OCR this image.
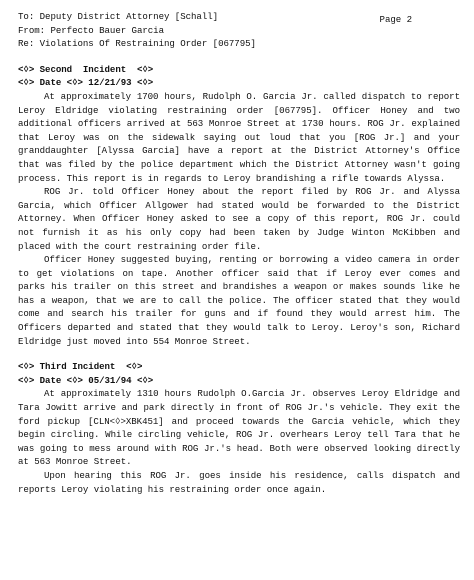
Page 2
To: Deputy District Attorney [Schall]
From: Perfecto Bauer Garcia
Re: Violations Of Restraining Order [067795]
<◊> Second  Incident  <◊>
<◊> Date <◊> 12/21/93 <◊>
At approximately 1700 hours, Rudolph O. Garcia Jr. called dispatch to report Leroy Eldridge violating restraining order [067795]. Officer Honey and two additional officers arrived at 563 Monroe Street at 1730 hours. ROG Jr. explained that Leroy was on the sidewalk saying out loud that you [ROG Jr.] and your granddaughter [Alyssa Garcia] have a report at the District Attorney's Office that was filed by the police department which the District Attorney wasn't going process. This report is in regards to Leroy brandishing a rifle towards Alyssa.
ROG Jr. told Officer Honey about the report filed by ROG Jr. and Alyssa Garcia, which Officer Allgower had stated would be forwarded to the District Attorney. When Officer Honey asked to see a copy of this report, ROG Jr. could not furnish it as his only copy had been taken by Judge Winton McKibben and placed with the court restraining order file.
Officer Honey suggested buying, renting or borrowing a video camera in order to get violations on tape. Another officer said that if Leroy ever comes and parks his trailer on this street and brandishes a weapon or makes sounds like he has a weapon, that we are to call the police. The officer stated that they would come and search his trailer for guns and if found they would arrest him. The Officers departed and stated that they would talk to Leroy. Leroy's son, Richard Eldridge just moved into 554 Monroe Street.
<◊> Third Incident  <◊>
<◊> Date <◊> 05/31/94 <◊>
At approximately 1310 hours Rudolph O.Garcia Jr. observes Leroy Eldridge and Tara Jowitt arrive and park directly in front of ROG Jr.'s vehicle. They exit the ford pickup [CLN<◊>XBK451] and proceed towards the Garcia vehicle, which they begin circling. While circling vehicle, ROG Jr. overhears Leroy tell Tara that he was going to mess around with ROG Jr.'s head. Both were observed looking directly at 563 Monroe Street.
Upon hearing this ROG Jr. goes inside his residence, calls dispatch and reports Leroy violating his restraining order once again.
